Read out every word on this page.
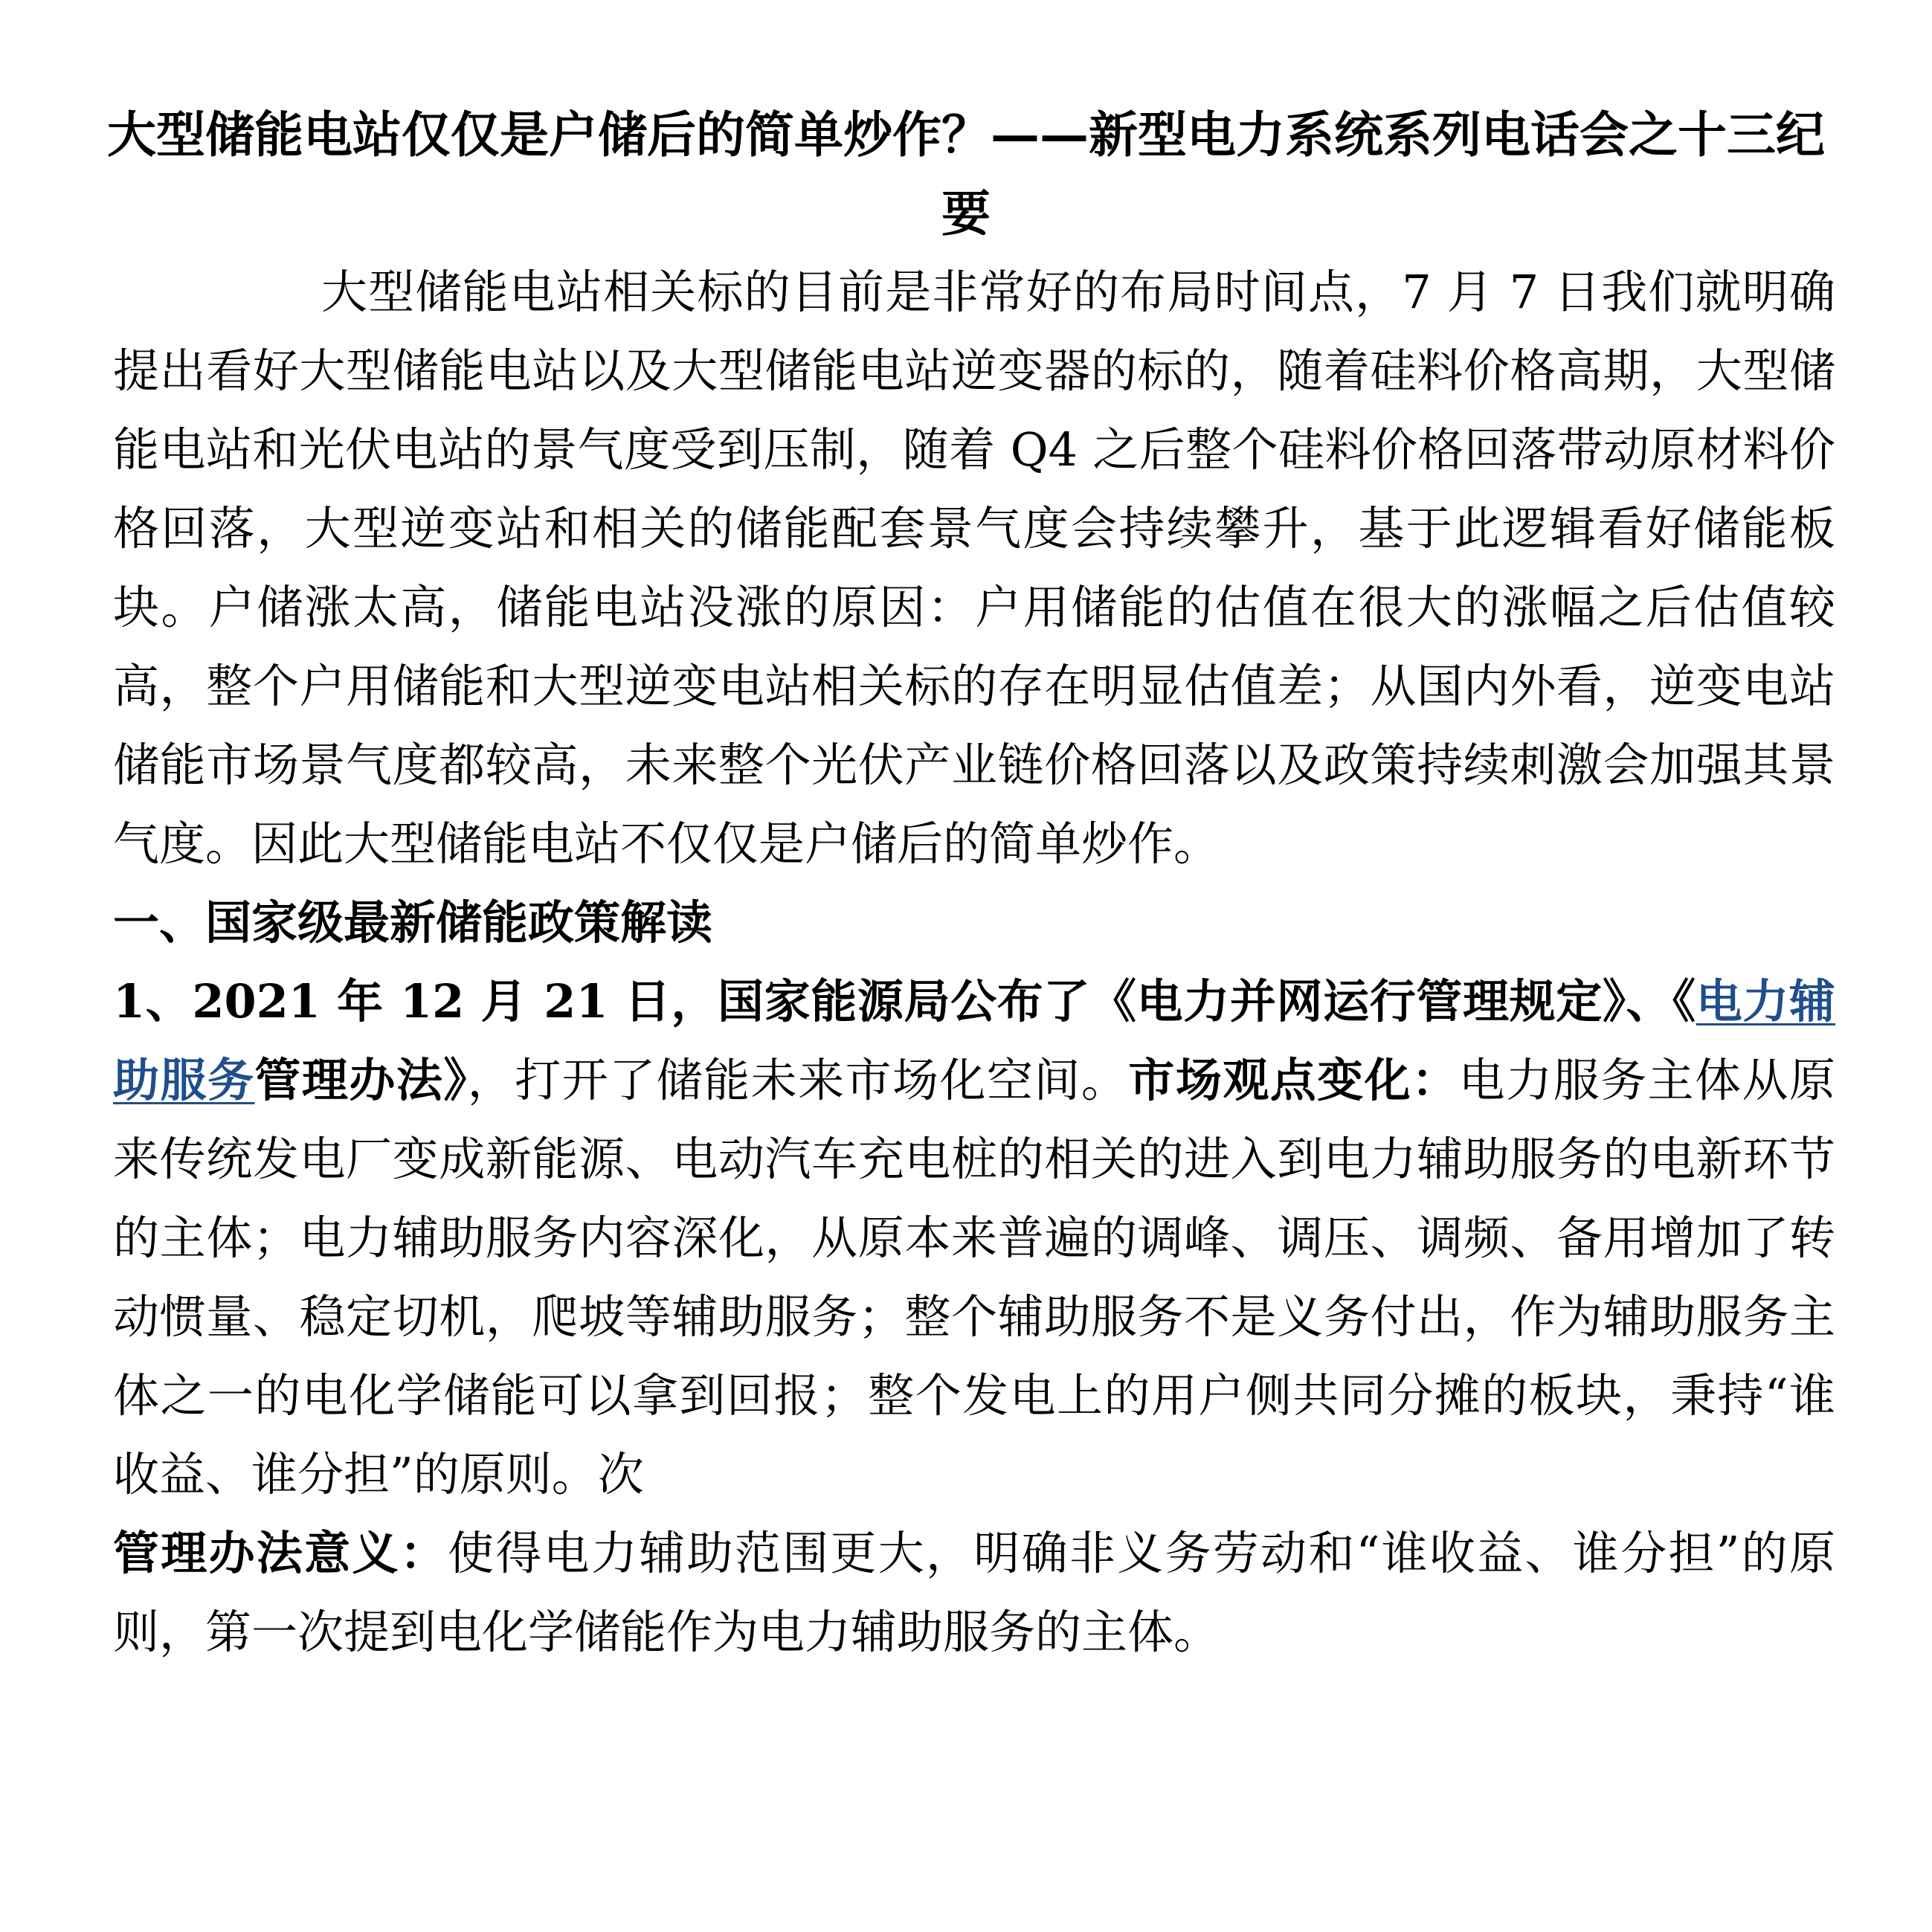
大型储能电站仅仅是户储后的简单炒作？——新型电力系统系列电话会之十三纪要

大型储能电站相关标的目前是非常好的布局时间点，7 月 7 日我们就明确提出看好大型储能电站以及大型储能电站逆变器的标的，随着硅料价格高期，大型储能电站和光伏电站的景气度受到压制，随着 Q4 之后整个硅料价格回落带动原材料价格回落，大型逆变站和相关的储能配套景气度会持续攀升，基于此逻辑看好储能板块。户储涨太高，储能电站没涨的原因：户用储能的估值在很大的涨幅之后估值较高，整个户用储能和大型逆变电站相关标的存在明显估值差；从国内外看，逆变电站储能市场景气度都较高，未来整个光伏产业链价格回落以及政策持续刺激会加强其景气度。因此大型储能电站不仅仅是户储后的简单炒作。

一、国家级最新储能政策解读

1、2021 年 12 月 21 日，国家能源局公布了《电力并网运行管理规定》、《电力辅助服务管理办法》，打开了储能未来市场化空间。市场观点变化：电力服务主体从原来传统发电厂变成新能源、电动汽车充电桩的相关的进入到电力辅助服务的电新环节的主体；电力辅助服务内容深化，从原本来普遍的调峰、调压、调频、备用增加了转动惯量、稳定切机，爬坡等辅助服务；整个辅助服务不是义务付出，作为辅助服务主体之一的电化学储能可以拿到回报；整个发电上的用户侧共同分摊的板块，秉持“谁收益、谁分担”的原则。次

管理办法意义：使得电力辅助范围更大，明确非义务劳动和“谁收益、谁分担”的原则，第一次提到电化学储能作为电力辅助服务的主体。
